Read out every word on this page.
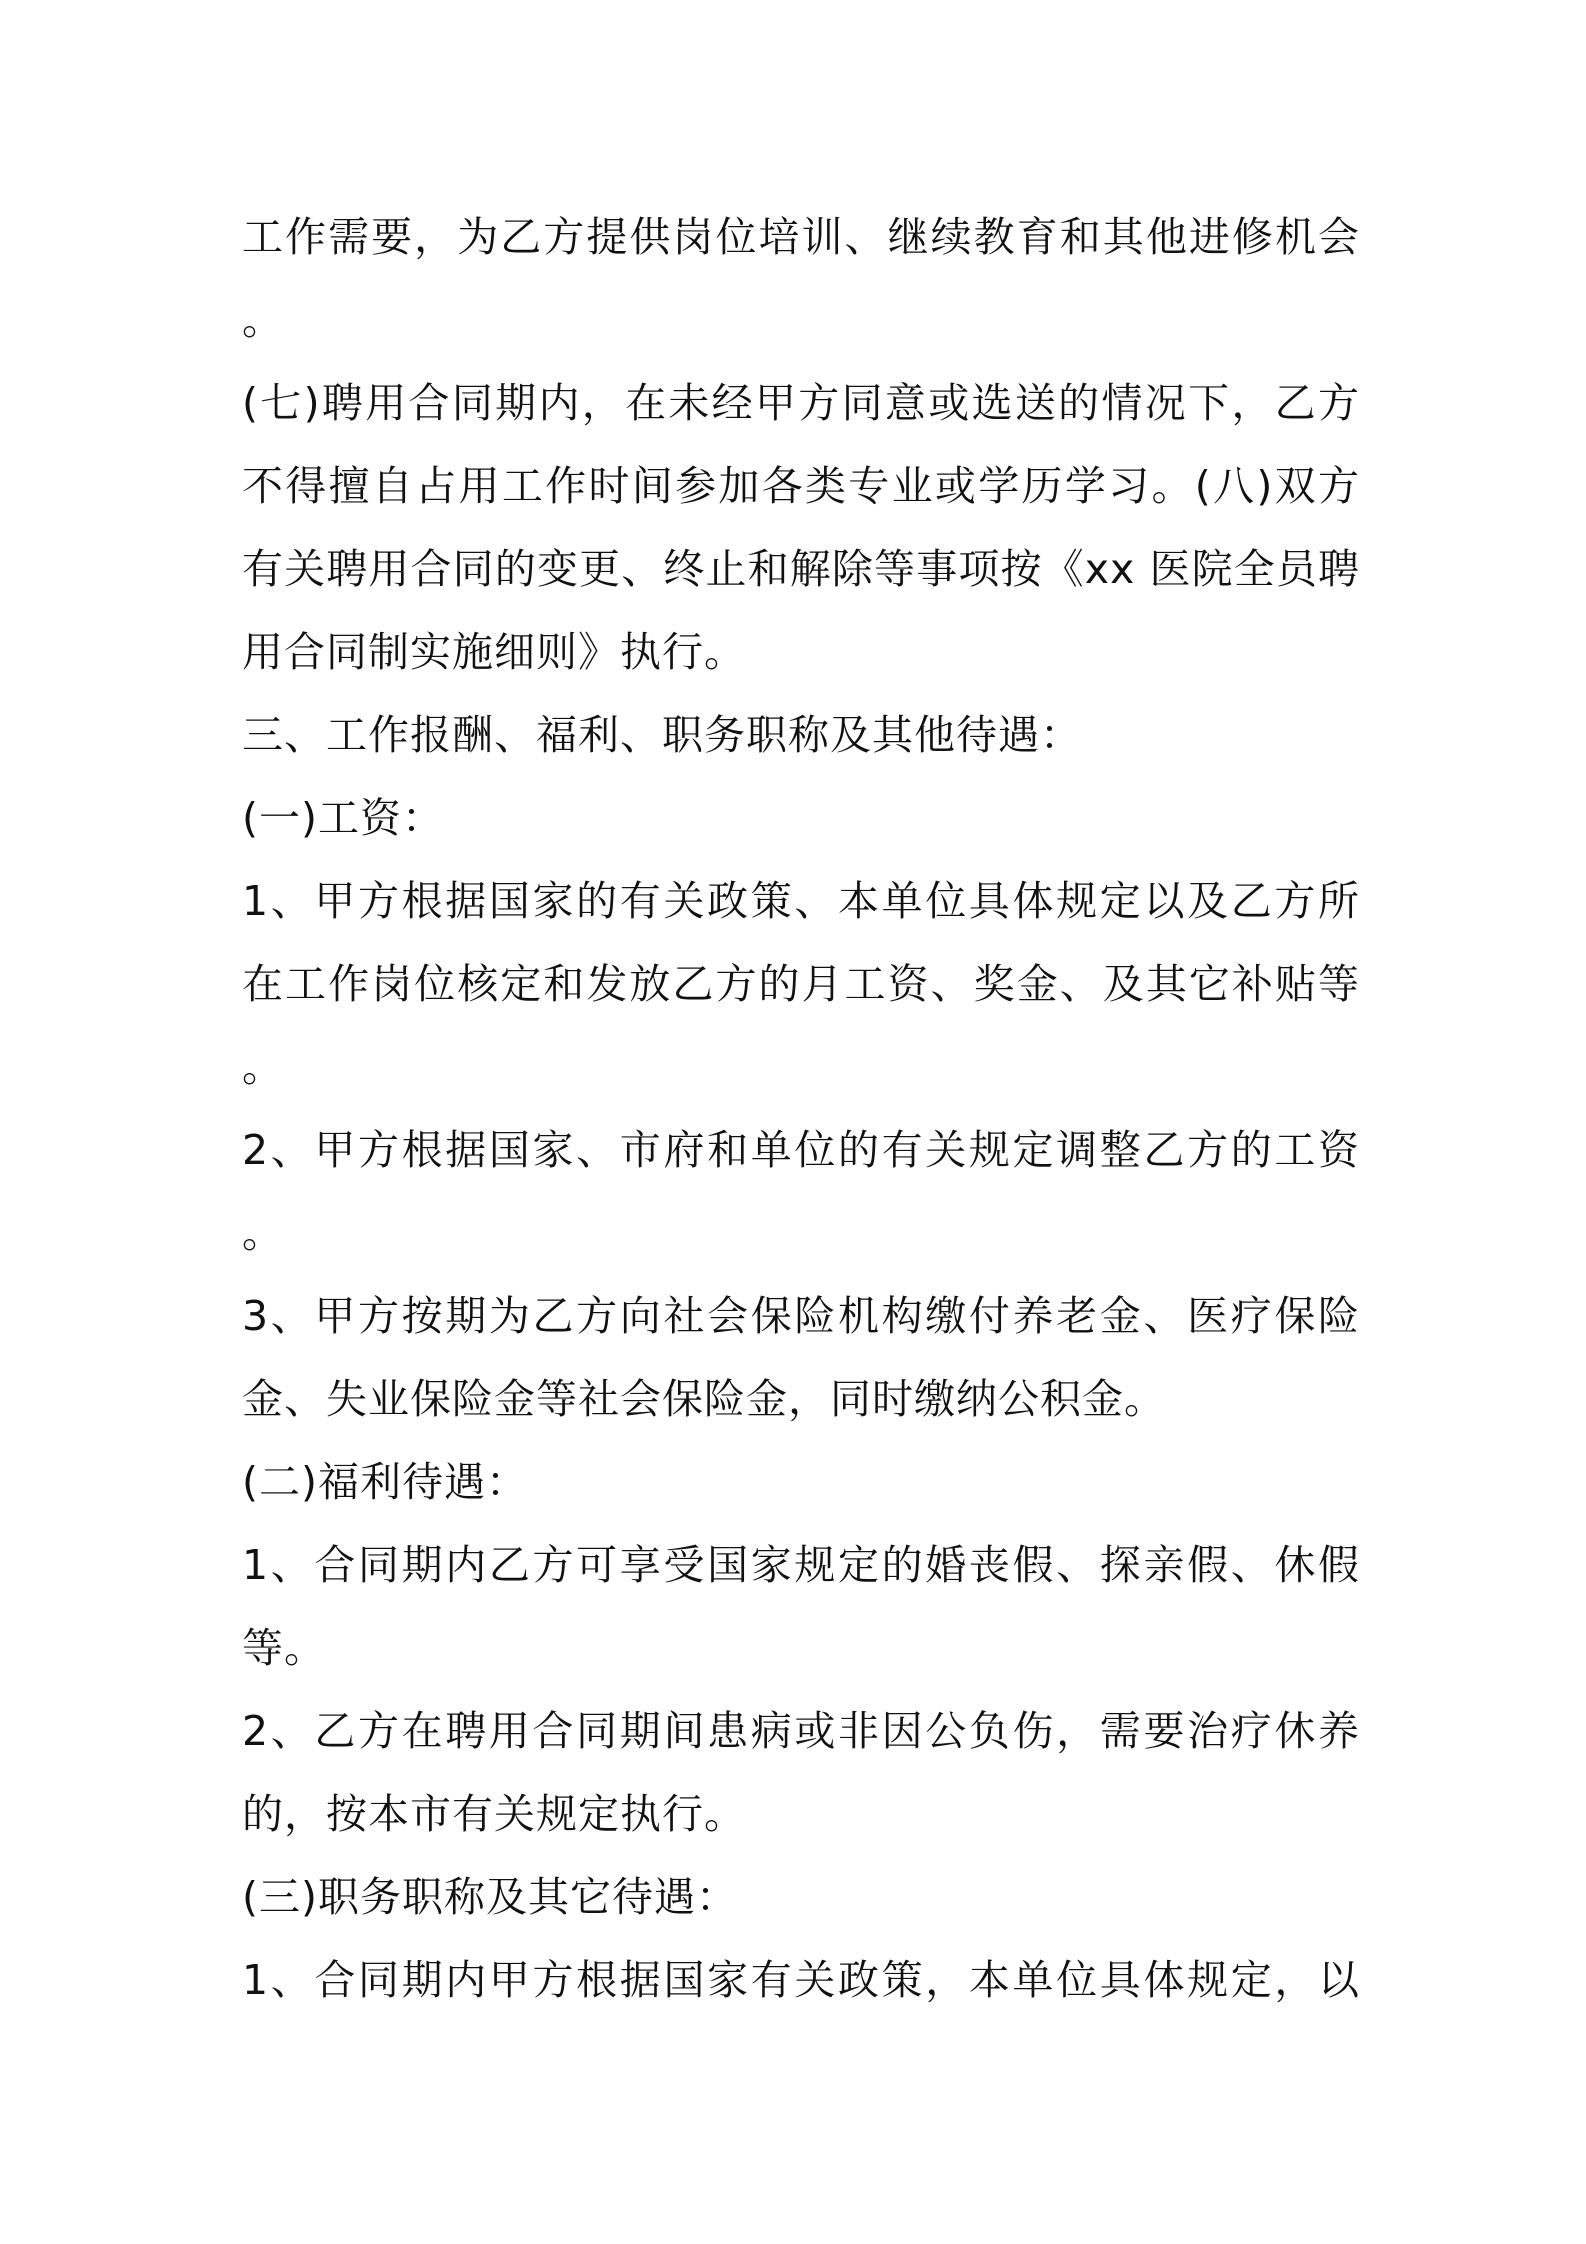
工作需要，为乙方提供岗位培训、继续教育和其他进修机会
。
(七)聘用合同期内，在未经甲方同意或选送的情况下，乙方
不得擅自占用工作时间参加各类专业或学历学习。(八)双方
有关聘用合同的变更、终止和解除等事项按《xx 医院全员聘
用合同制实施细则》执行。
三、工作报酬、福利、职务职称及其他待遇：
(一)工资：
1、甲方根据国家的有关政策、本单位具体规定以及乙方所
在工作岗位核定和发放乙方的月工资、奖金、及其它补贴等
。
2、甲方根据国家、市府和单位的有关规定调整乙方的工资
。
3、甲方按期为乙方向社会保险机构缴付养老金、医疗保险
金、失业保险金等社会保险金，同时缴纳公积金。
(二)福利待遇：
1、合同期内乙方可享受国家规定的婚丧假、探亲假、休假
等。
2、乙方在聘用合同期间患病或非因公负伤，需要治疗休养
的，按本市有关规定执行。
(三)职务职称及其它待遇：
1、合同期内甲方根据国家有关政策，本单位具体规定，以
